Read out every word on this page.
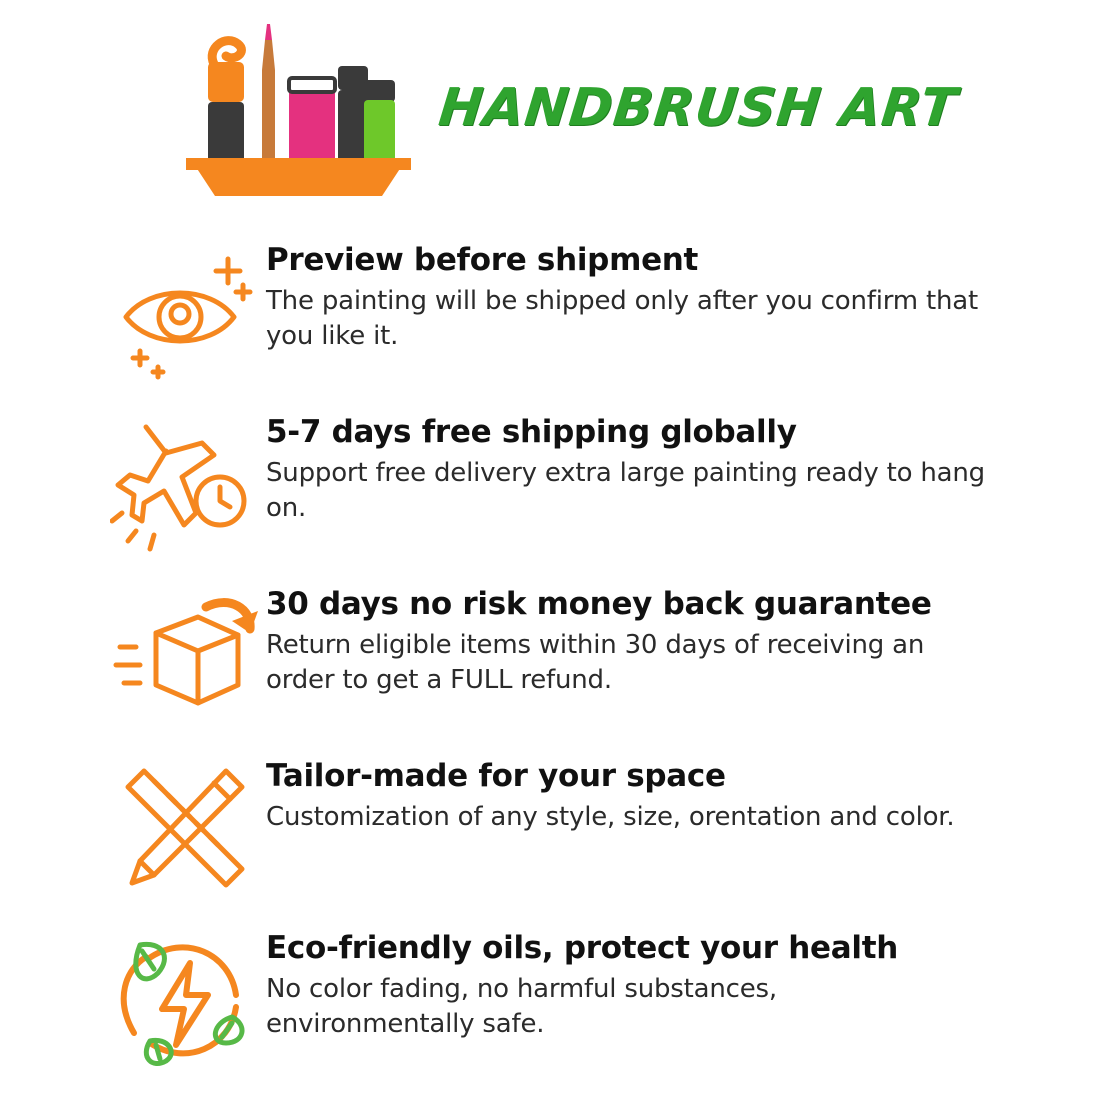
HANDBRUSH ART
Preview before shipment

The painting will be shipped only after you confirm that you like it.

5-7 days free shipping globally

Support free delivery extra large painting ready to hang on.

30 days no risk money back guarantee

Return eligible items within 30 days of receiving an order to get a FULL refund.

Tailor-made for your space

Customization of any style, size, orentation and color.

Eco-friendly oils, protect your health

No color fading, no harmful substances, environmentally safe.
